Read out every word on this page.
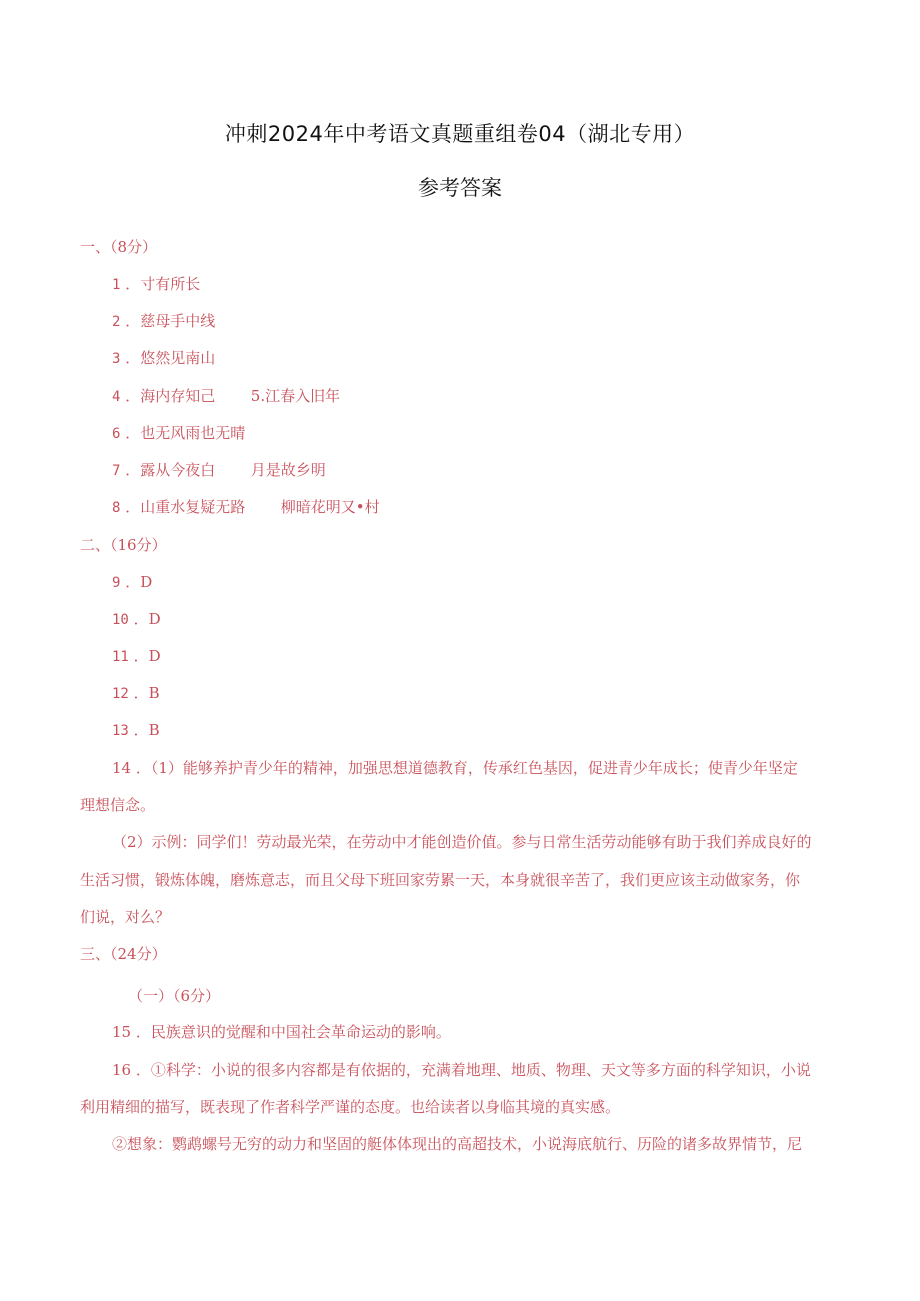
冲刺2024年中考语文真题重组卷04（湖北专用）
参考答案

一、（8分）

1 ．寸有所长

2 ．慈母手中线

3 ．悠然见南山

4 ．海内存知己 5.江春入旧年

6 ．也无风雨也无晴

7 ．露从今夜白 月是故乡明

8 ．山重水复疑无路 柳暗花明又•村

二、（16分）

9 ．D

10 ．D

11 ．D

12 ．B

13 ．B

14 ．（1）能够养护青少年的精神，加强思想道德教育，传承红色基因，促进青少年成长；使青少年坚定

理想信念。

（2）示例：同学们！劳动最光荣，在劳动中才能创造价值。参与日常生活劳动能够有助于我们养成良好的

生活习惯，锻炼体魄，磨炼意志，而且父母下班回家劳累一天，本身就很辛苦了，我们更应该主动做家务，你

们说，对么？

三、（24分）

（一）（6分）

15 ．民族意识的觉醒和中国社会革命运动的影响。

16 ．①科学：小说的很多内容都是有依据的，充满着地理、地质、物理、天文等多方面的科学知识，小说

利用精细的描写，既表现了作者科学严谨的态度。也给读者以身临其境的真实感。

②想象：鹦鹉螺号无穷的动力和坚固的艇体体现出的高超技术，小说海底航行、历险的诸多故界情节，尼
